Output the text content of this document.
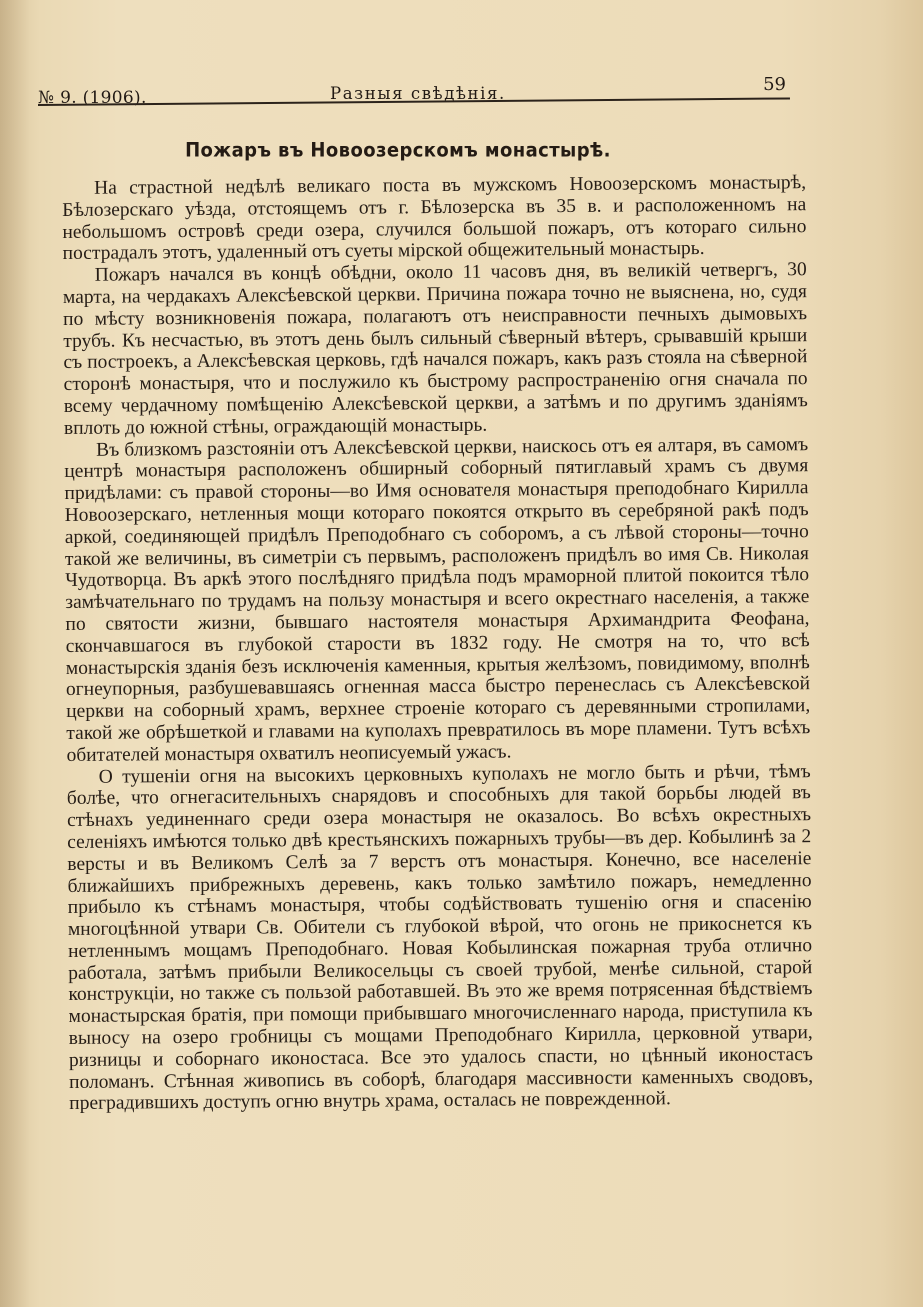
№ 9. (1906).	Разныя свѣдѣнія.	59
Пожаръ въ Новоозерскомъ монастырѣ.

На страстной недѣлѣ великаго поста въ мужскомъ Новоозерскомъ монастырѣ, Бѣлозерскаго уѣзда, отстоящемъ отъ г. Бѣлозерска въ 35 в. и расположенномъ на небольшомъ островѣ среди озера, случился большой пожаръ, отъ котораго сильно пострадалъ этотъ, удаленный отъ суеты мірской общежительный монастырь.

Пожаръ начался въ концѣ обѣдни, около 11 часовъ дня, въ великій четвергъ, 30 марта, на чердакахъ Алексѣевской церкви. Причина пожара точно не выяснена, но, судя по мѣсту возникновенія пожара, полагаютъ отъ неисправности печныхъ дымовыхъ трубъ. Къ несчастью, въ этотъ день былъ сильный сѣверный вѣтеръ, срывавшій крыши съ построекъ, а Алексѣевская церковь, гдѣ начался пожаръ, какъ разъ стояла на сѣверной сторонѣ монастыря, что и послужило къ быстрому распространенію огня сначала по всему чердачному помѣщенію Алексѣевской церкви, а затѣмъ и по другимъ зданіямъ вплоть до южной стѣны, ограждающій монастырь.

Въ близкомъ разстояніи отъ Алексѣевской церкви, наискось отъ ея алтаря, въ самомъ центрѣ монастыря расположенъ обширный соборный пятиглавый храмъ съ двумя придѣлами: съ правой стороны—во Имя основателя монастыря преподобнаго Кирилла Новоозерскаго, нетленныя мощи котораго покоятся открыто въ серебряной ракѣ подъ аркой, соединяющей придѣлъ Преподобнаго съ соборомъ, а съ лѣвой стороны—точно такой же величины, въ симетріи съ первымъ, расположенъ придѣлъ во имя Св. Николая Чудотворца. Въ аркѣ этого послѣдняго придѣла подъ мраморной плитой покоится тѣло замѣчательнаго по трудамъ на пользу монастыря и всего окрестнаго населенія, а также по святости жизни, бывшаго настоятеля монастыря Архимандрита Феофана, скончавшагося въ глубокой старости въ 1832 году. Не смотря на то, что всѣ монастырскія зданія безъ исключенія каменныя, крытыя желѣзомъ, повидимому, вполнѣ огнеупорныя, разбушевавшаясь огненная масса быстро перенеслась съ Алексѣевской церкви на соборный храмъ, верхнее строеніе котораго съ деревянными стропилами, такой же обрѣшеткой и главами на куполахъ превратилось въ море пламени. Тутъ всѣхъ обитателей монастыря охватилъ неописуемый ужасъ.

О тушеніи огня на высокихъ церковныхъ куполахъ не могло быть и рѣчи, тѣмъ болѣе, что огнегасительныхъ снарядовъ и способныхъ для такой борьбы людей въ стѣнахъ уединеннаго среди озера монастыря не оказалось. Во всѣхъ окрестныхъ селеніяхъ имѣются только двѣ крестьянскихъ пожарныхъ трубы—въ дер. Кобылинѣ за 2 версты и въ Великомъ Селѣ за 7 верстъ отъ монастыря. Конечно, все населеніе ближайшихъ прибрежныхъ деревень, какъ только замѣтило пожаръ, немедленно прибыло къ стѣнамъ монастыря, чтобы содѣйствовать тушенію огня и спасенію многоцѣнной утвари Св. Обители съ глубокой вѣрой, что огонь не прикоснется къ нетленнымъ мощамъ Преподобнаго. Новая Кобылинская пожарная труба отлично работала, затѣмъ прибыли Великосельцы съ своей трубой, менѣе сильной, старой конструкціи, но также съ пользой работавшей. Въ это же время потрясенная бѣдствіемъ монастырская братія, при помощи прибывшаго многочисленнаго народа, приступила къ выносу на озеро гробницы съ мощами Преподобнаго Кирилла, церковной утвари, ризницы и соборнаго иконостаса. Все это удалось спасти, но цѣнный иконостасъ поломанъ. Стѣнная живопись въ соборѣ, благодаря массивности каменныхъ сводовъ, преградившихъ доступъ огню внутрь храма, осталась не поврежденной.
